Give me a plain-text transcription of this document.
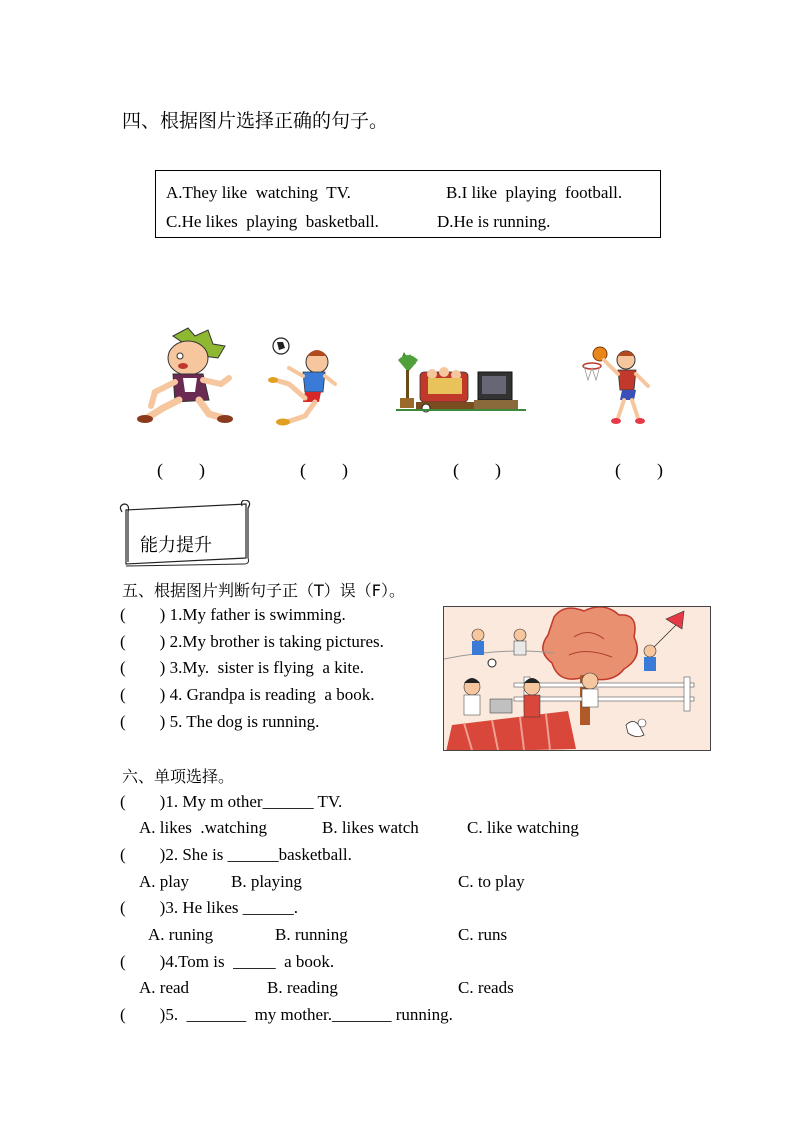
四、根据图片选择正确的句子。
A.They like  watching  TV.	B.I like  playing  football.
C.He likes  playing  basketball.	D.He is running.
(        )	(        )	(        )	(        )
能力提升
五、根据图片判断句子正（T）误（F）。
(        ) 1.My father is swimming.
(        ) 2.My brother is taking pictures.
(        ) 3.My.  sister is flying  a kite.
(        ) 4. Grandpa is reading  a book.
(        ) 5. The dog is running.
六、单项选择。
(        )1. My m other______ TV.
A. likes  .watching	B. likes watch	C. like watching
(        )2. She is ______basketball.
A. play B. playing	C. to play
(        )3. He likes ______.
A. runing	B. running	C. runs
(        )4.Tom is  _____  a book.
A. read	B. reading	C. reads
(        )5.  _______  my mother._______ running.
